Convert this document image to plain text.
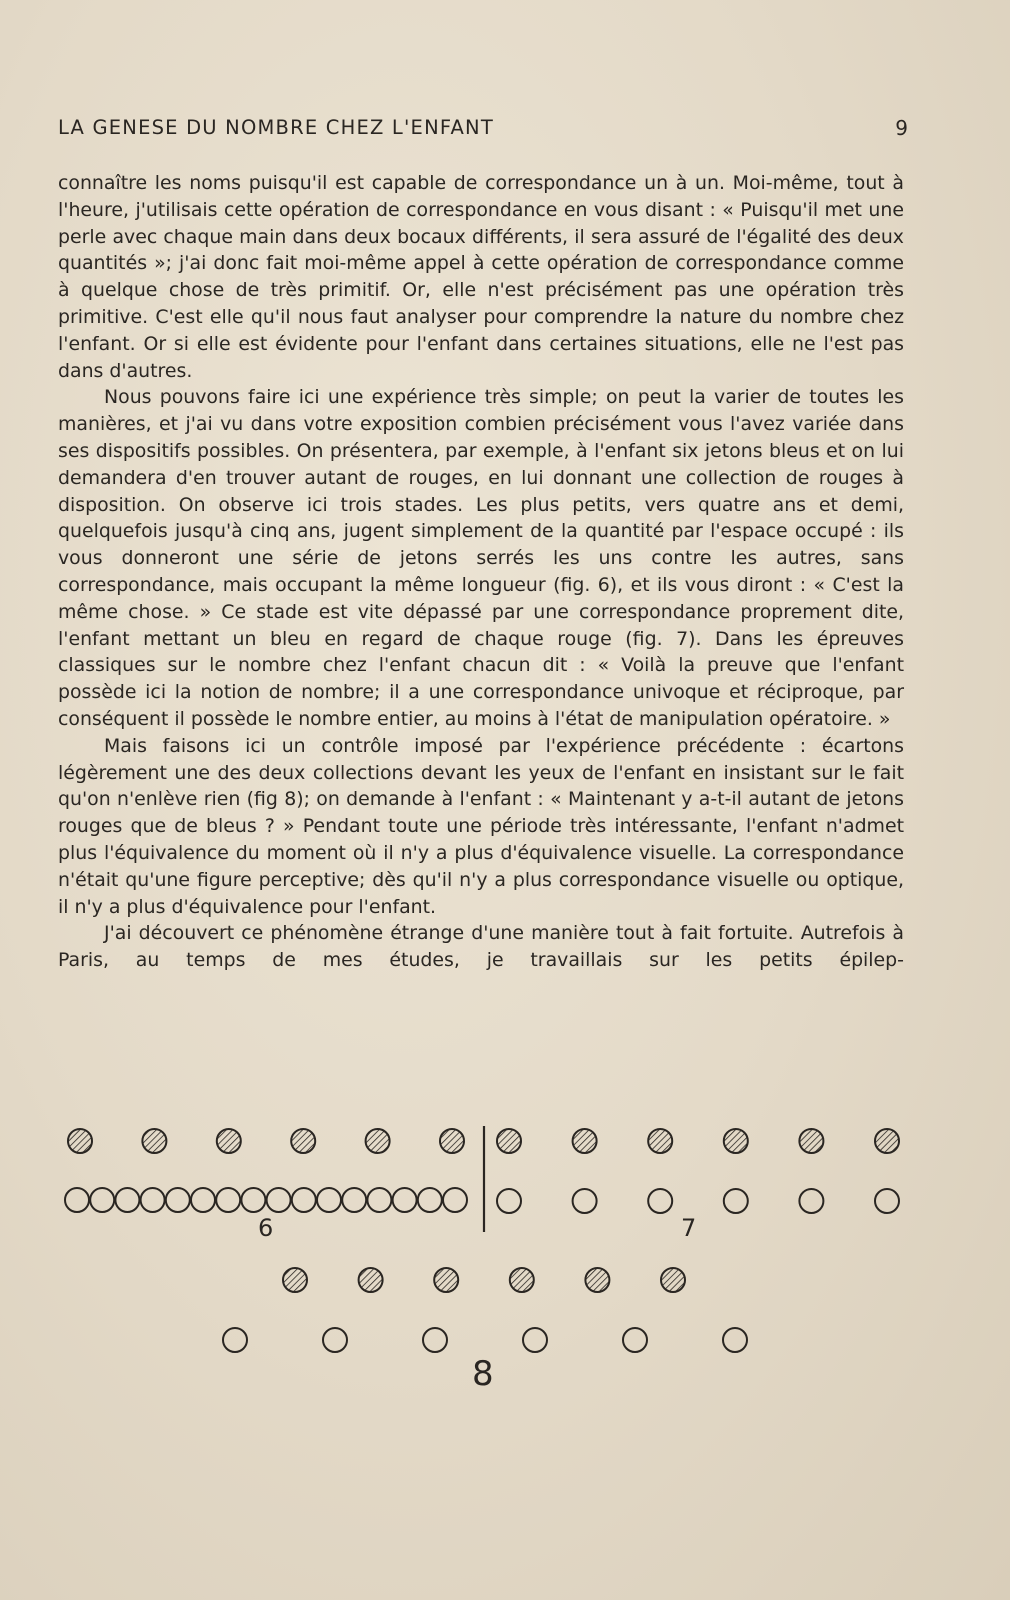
LA GENESE DU NOMBRE CHEZ L'ENFANT	9

connaître les noms puisqu'il est capable de correspondance un à un. Moi-même, tout à l'heure, j'utilisais cette opération de correspondance en vous disant : « Puisqu'il met une perle avec chaque main dans deux bocaux différents, il sera assuré de l'égalité des deux quantités »; j'ai donc fait moi-même appel à cette opération de correspondance comme à quelque chose de très primitif. Or, elle n'est précisément pas une opération très primitive. C'est elle qu'il nous faut analyser pour comprendre la nature du nombre chez l'enfant. Or si elle est évidente pour l'enfant dans certaines situations, elle ne l'est pas dans d'autres.

Nous pouvons faire ici une expérience très simple; on peut la varier de toutes les manières, et j'ai vu dans votre exposition combien précisément vous l'avez variée dans ses dispositifs possibles. On présentera, par exemple, à l'enfant six jetons bleus et on lui demandera d'en trouver autant de rouges, en lui donnant une collection de rouges à disposition. On observe ici trois stades. Les plus petits, vers quatre ans et demi, quelquefois jusqu'à cinq ans, jugent simplement de la quantité par l'espace occupé : ils vous donneront une série de jetons serrés les uns contre les autres, sans correspondance, mais occupant la même longueur (fig. 6), et ils vous diront : « C'est la même chose. » Ce stade est vite dépassé par une correspondance proprement dite, l'enfant mettant un bleu en regard de chaque rouge (fig. 7). Dans les épreuves classiques sur le nombre chez l'enfant chacun dit : « Voilà la preuve que l'enfant possède ici la notion de nombre; il a une correspondance univoque et réciproque, par conséquent il possède le nombre entier, au moins à l'état de manipulation opératoire. »

Mais faisons ici un contrôle imposé par l'expérience précédente : écartons légèrement une des deux collections devant les yeux de l'enfant en insistant sur le fait qu'on n'enlève rien (fig 8); on demande à l'enfant : « Maintenant y a-t-il autant de jetons rouges que de bleus ? » Pendant toute une période très intéressante, l'enfant n'admet plus l'équivalence du moment où il n'y a plus d'équivalence visuelle. La correspondance n'était qu'une figure perceptive; dès qu'il n'y a plus correspondance visuelle ou optique, il n'y a plus d'équivalence pour l'enfant.

J'ai découvert ce phénomène étrange d'une manière tout à fait fortuite. Autrefois à Paris, au temps de mes études, je travaillais sur les petits épilep-

6	7
8
